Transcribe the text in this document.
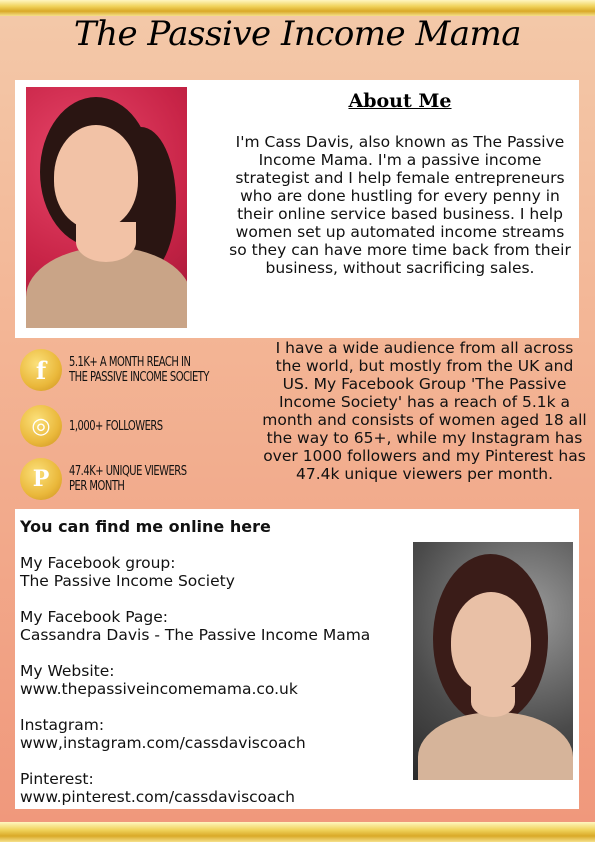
The Passive Income Mama
About Me
I'm Cass Davis, also known as The Passive Income Mama. I'm a passive income strategist and I help female entrepreneurs who are done hustling for every penny in their online service based business. I help women set up automated income streams so they can have more time back from their business, without sacrificing sales.
f	5.1K+ A MONTH REACH IN
THE PASSIVE INCOME SOCIETY
◎	1,000+ FOLLOWERS
P	47.4K+ UNIQUE VIEWERS
PER MONTH
I have a wide audience from all across the world, but mostly from the UK and US. My Facebook Group 'The Passive Income Society' has a reach of 5.1k a month and consists of women aged 18 all the way to 65+, while my Instagram has over 1000 followers and my Pinterest has 47.4k unique viewers per month.
You can find me online here
My Facebook group:
The Passive Income Society
My Facebook Page:
Cassandra Davis - The Passive Income Mama
My Website:
www.thepassiveincomemama.co.uk
Instagram:
www,instagram.com/cassdaviscoach
Pinterest:
www.pinterest.com/cassdaviscoach
